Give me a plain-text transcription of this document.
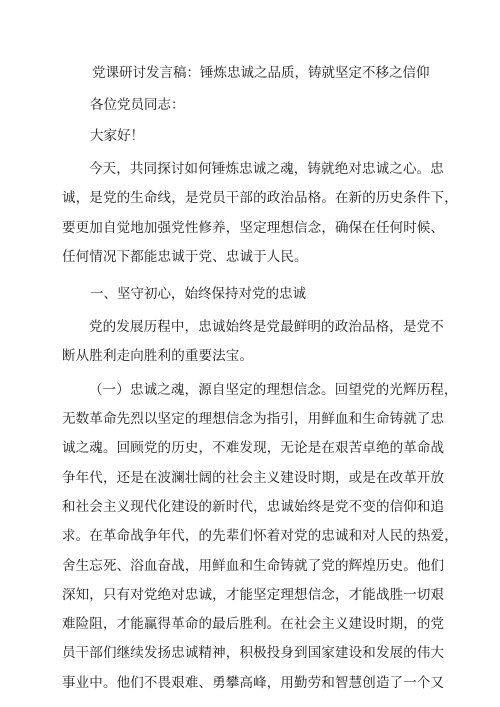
党课研讨发言稿：锤炼忠诚之品质，铸就坚定不移之信仰
各位党员同志：
大家好！
今天，共同探讨如何锤炼忠诚之魂，铸就绝对忠诚之心。忠
诚，是党的生命线，是党员干部的政治品格。在新的历史条件下，
要更加自觉地加强党性修养，坚定理想信念，确保在任何时候、
任何情况下都能忠诚于党、忠诚于人民。
一、坚守初心，始终保持对党的忠诚
党的发展历程中，忠诚始终是党最鲜明的政治品格，是党不
断从胜利走向胜利的重要法宝。
（一）忠诚之魂，源自坚定的理想信念。回望党的光辉历程，
无数革命先烈以坚定的理想信念为指引，用鲜血和生命铸就了忠
诚之魂。回顾党的历史，不难发现，无论是在艰苦卓绝的革命战
争年代，还是在波澜壮阔的社会主义建设时期，或是在改革开放
和社会主义现代化建设的新时代，忠诚始终是党不变的信仰和追
求。在革命战争年代，的先辈们怀着对党的忠诚和对人民的热爱，
舍生忘死、浴血奋战，用鲜血和生命铸就了党的辉煌历史。他们
深知，只有对党绝对忠诚，才能坚定理想信念，才能战胜一切艰
难险阻，才能赢得革命的最后胜利。在社会主义建设时期，的党
员干部们继续发扬忠诚精神，积极投身到国家建设和发展的伟大
事业中。他们不畏艰难、勇攀高峰，用勤劳和智慧创造了一个又
